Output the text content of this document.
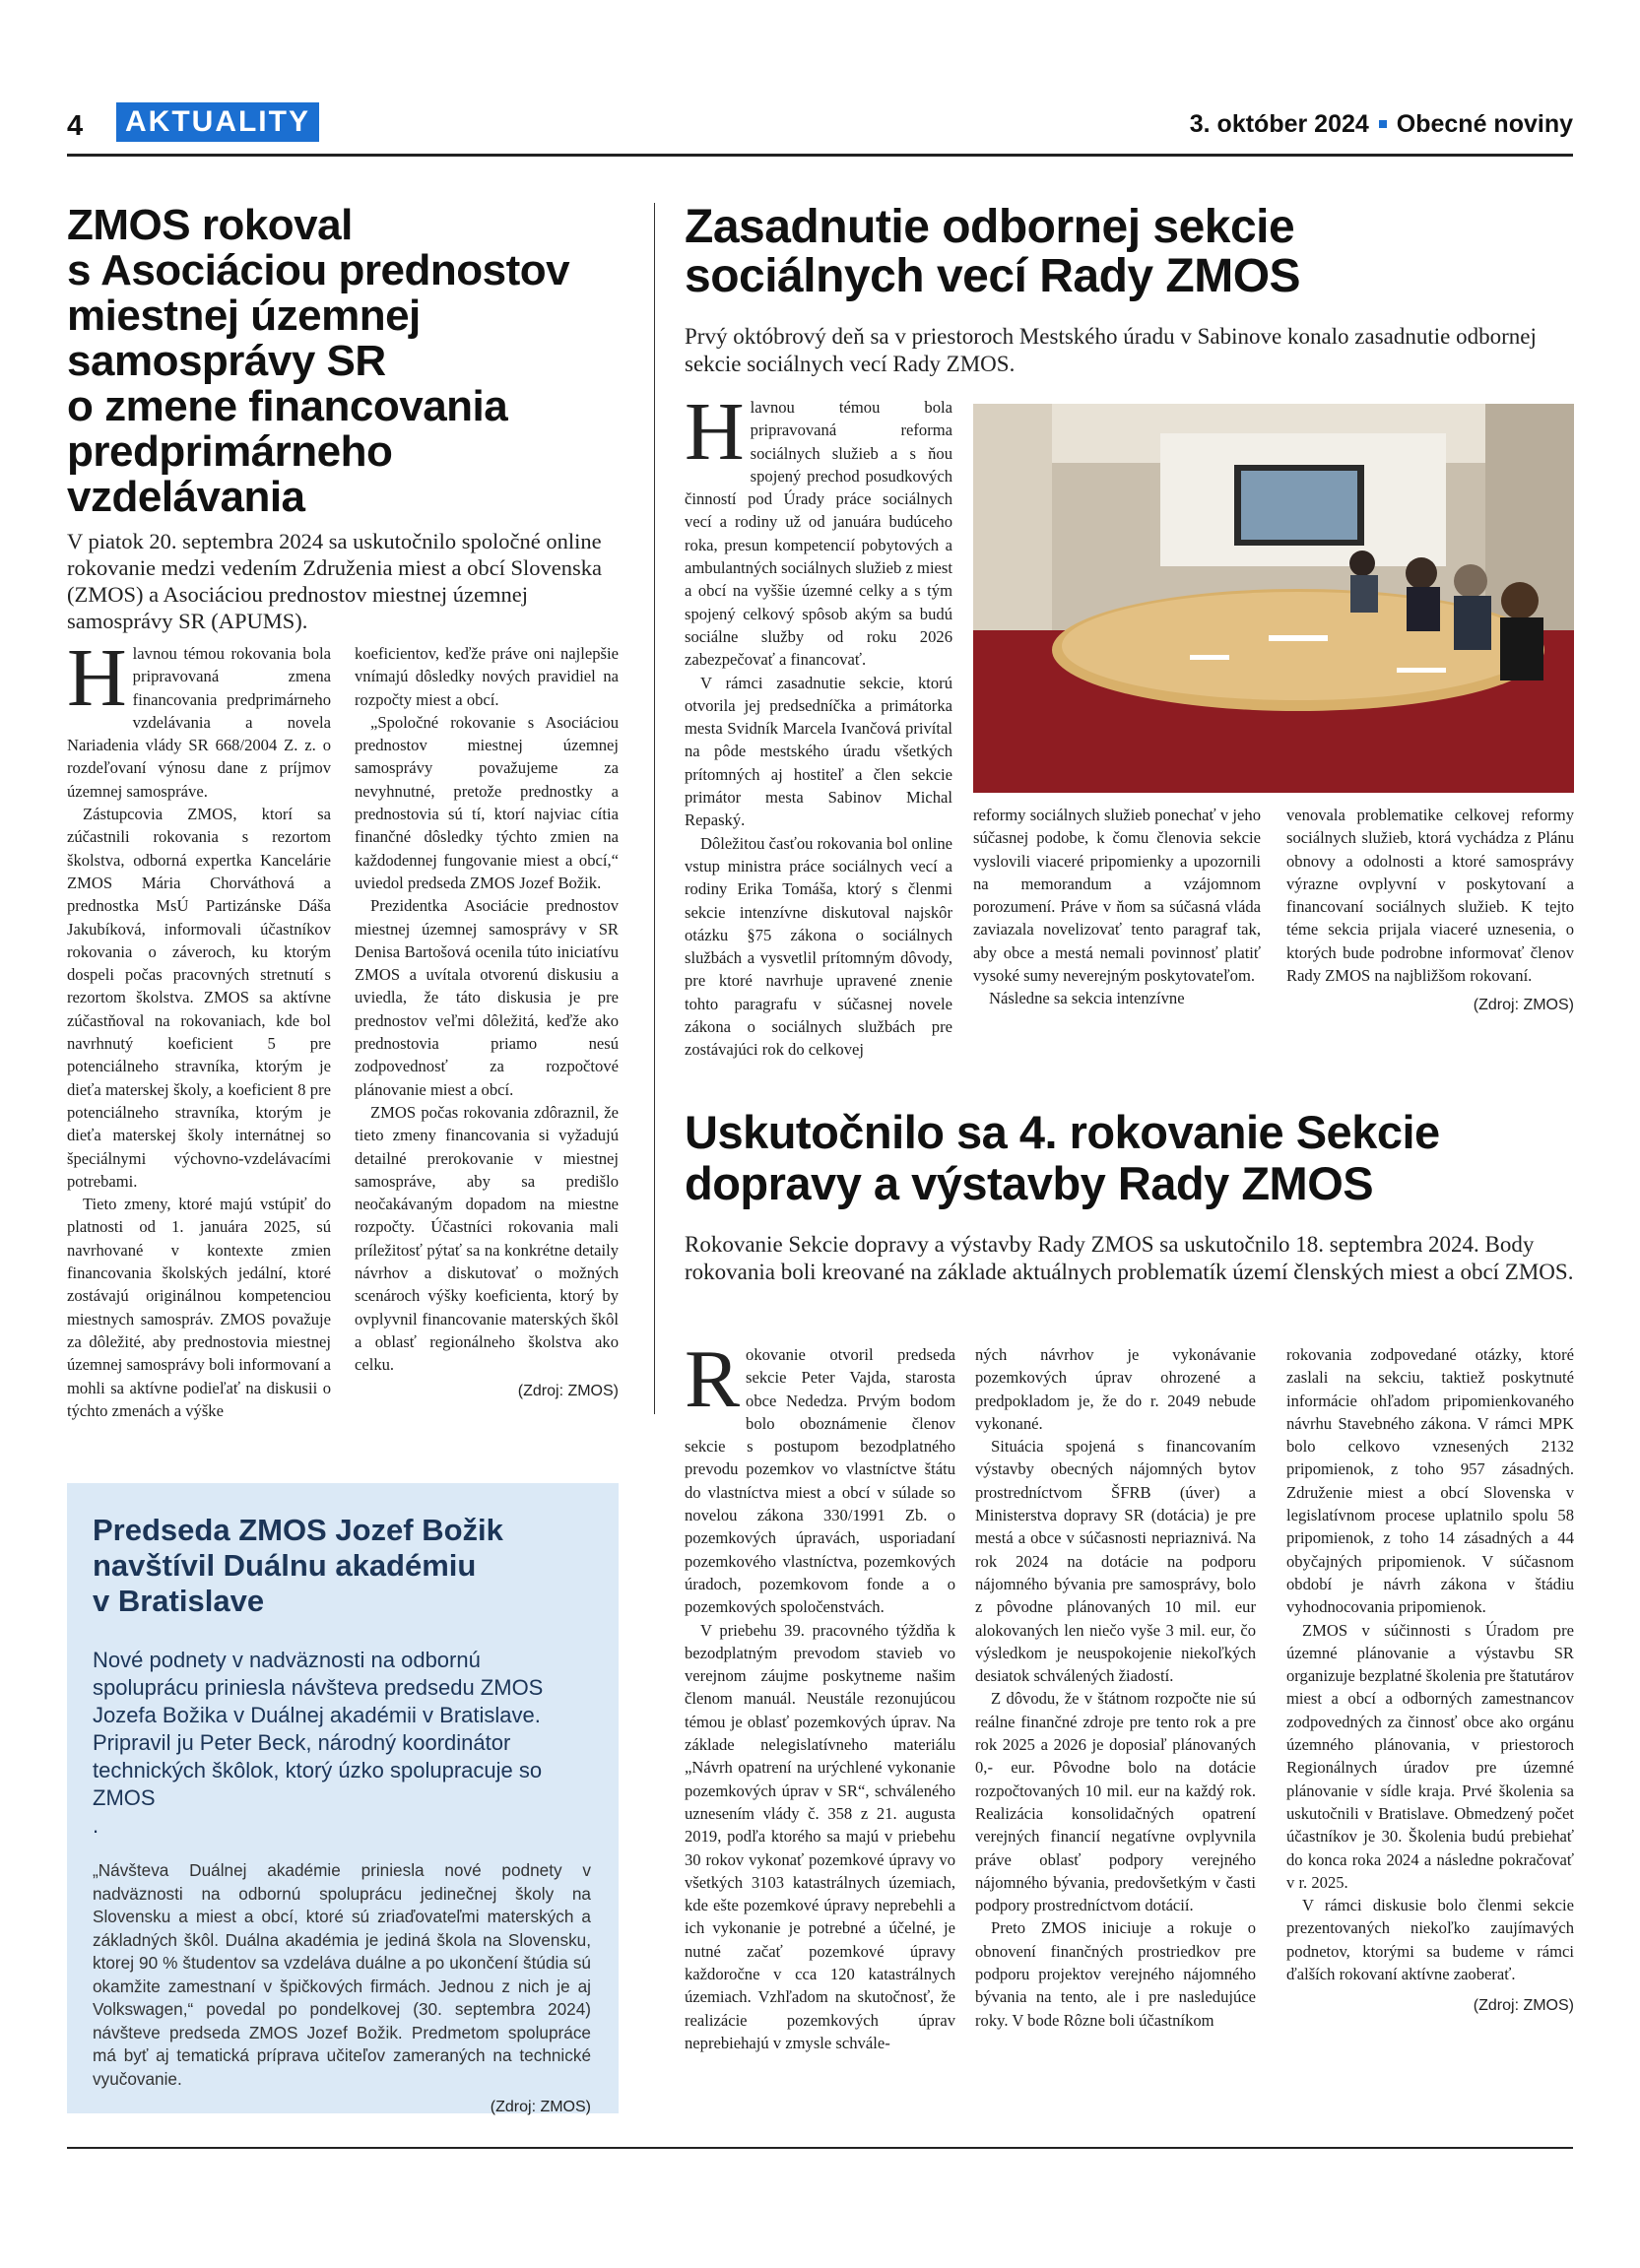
4	AKTUALITY	3. október 2024 Obecné noviny
ZMOS rokoval
s Asociáciou prednostov
miestnej územnej
samosprávy SR
o zmene financovania
predprimárneho
vzdelávania
V piatok 20. septembra 2024 sa uskutočnilo spoločné online rokovanie medzi vedením Združenia miest a obcí Slovenska (ZMOS) a Asociáciou prednostov miestnej územnej samosprávy SR (APUMS).

Hlavnou témou rokovania bola pripravovaná zmena financovania predprimárneho vzdelávania a novela Nariadenia vlády SR 668/2004 Z. z. o rozdeľovaní výnosu dane z príjmov územnej samospráve.

Zástupcovia ZMOS, ktorí sa zúčastnili rokovania s rezortom školstva, odborná expertka Kancelárie ZMOS Mária Chorváthová a prednostka MsÚ Partizánske Dáša Jakubíková, informovali účastníkov rokovania o záveroch, ku ktorým dospeli počas pracovných stretnutí s rezortom školstva. ZMOS sa aktívne zúčastňoval na rokovaniach, kde bol navrhnutý koeficient 5 pre potenciálneho stravníka, ktorým je dieťa materskej školy, a koeficient 8 pre potenciálneho stravníka, ktorým je dieťa materskej školy internátnej so špeciálnymi výchovno-vzdelávacími potrebami.

Tieto zmeny, ktoré majú vstúpiť do platnosti od 1. januára 2025, sú navrhované v kontexte zmien financovania školských jedální, ktoré zostávajú originálnou kompetenciou miestnych samospráv. ZMOS považuje za dôležité, aby prednostovia miestnej územnej samosprávy boli informovaní a mohli sa aktívne podieľať na diskusii o týchto zmenách a výške

koeficientov, keďže práve oni najlepšie vnímajú dôsledky nových pravidiel na rozpočty miest a obcí.

„Spoločné rokovanie s Asociáciou prednostov miestnej územnej samosprávy považujeme za nevyhnutné, pretože prednostky a prednostovia sú tí, ktorí najviac cítia finančné dôsledky týchto zmien na každodennej fungovanie miest a obcí,“ uviedol predseda ZMOS Jozef Božik.

Prezidentka Asociácie prednostov miestnej územnej samosprávy v SR Denisa Bartošová ocenila túto iniciatívu ZMOS a uvítala otvorenú diskusiu a uviedla, že táto diskusia je pre prednostov veľmi dôležitá, keďže ako prednostovia priamo nesú zodpovednosť za rozpočtové plánovanie miest a obcí.

ZMOS počas rokovania zdôraznil, že tieto zmeny financovania si vyžadujú detailné prerokovanie v miestnej samospráve, aby sa predišlo neočakávaným dopadom na miestne rozpočty. Účastníci rokovania mali príležitosť pýtať sa na konkrétne detaily návrhov a diskutovať o možných scenároch výšky koeficienta, ktorý by ovplyvnil financovanie materských škôl a oblasť regionálneho školstva ako celku.

(Zdroj: ZMOS)
Zasadnutie odbornej sekcie
sociálnych vecí Rady ZMOS
Prvý októbrový deň sa v priestoroch Mestského úradu v Sabinove konalo zasadnutie odbornej sekcie sociálnych vecí Rady ZMOS.

Hlavnou témou bola pripravovaná reforma sociálnych služieb a s ňou spojený prechod posudkových činností pod Úrady práce sociálnych vecí a rodiny už od januára budúceho roka, presun kompetencií pobytových a ambulantných sociálnych služieb z miest a obcí na vyššie územné celky a s tým spojený celkový spôsob akým sa budú sociálne služby od roku 2026 zabezpečovať a financovať.

V rámci zasadnutie sekcie, ktorú otvorila jej predsedníčka a primátorka mesta Svidník Marcela Ivančová privítal na pôde mestského úradu všetkých prítomných aj hostiteľ a člen sekcie primátor mesta Sabinov Michal Repaský.

Dôležitou časťou rokovania bol online vstup ministra práce sociálnych vecí a rodiny Erika Tomáša, ktorý s členmi sekcie intenzívne diskutoval najskôr otázku §75 zákona o sociálnych službách a vysvetlil prítomným dôvody, pre ktoré navrhuje upravené znenie tohto paragrafu v súčasnej novele zákona o sociálnych službách pre zostávajúci rok do celkovej

reformy sociálnych služieb ponechať v jeho súčasnej podobe, k čomu členovia sekcie vyslovili viaceré pripomienky a upozornili na memorandum a vzájomnom porozumení. Práve v ňom sa súčasná vláda zaviazala novelizovať tento paragraf tak, aby obce a mestá nemali povinnosť platiť vysoké sumy neverejným poskytovateľom.

Následne sa sekcia intenzívne

venovala problematike celkovej reformy sociálnych služieb, ktorá vychádza z Plánu obnovy a odolnosti a ktoré samosprávy výrazne ovplyvní v poskytovaní a financovaní sociálnych služieb. K tejto téme sekcia prijala viaceré uznesenia, o ktorých bude podrobne informovať členov Rady ZMOS na najbližšom rokovaní.

(Zdroj: ZMOS)
Uskutočnilo sa 4. rokovanie Sekcie
dopravy a výstavby Rady ZMOS
Rokovanie Sekcie dopravy a výstavby Rady ZMOS sa uskutočnilo 18. septembra 2024. Body rokovania boli kreované na základe aktuálnych problematík území členských miest a obcí ZMOS.

Rokovanie otvoril predseda sekcie Peter Vajda, starosta obce Nededza. Prvým bodom bolo oboznámenie členov sekcie s postupom bezodplatného prevodu pozemkov vo vlastníctve štátu do vlastníctva miest a obcí v súlade so novelou zákona 330/1991 Zb. o pozemkových úpravách, usporiadaní pozemkového vlastníctva, pozemkových úradoch, pozemkovom fonde a o pozemkových spoločenstvách.

V priebehu 39. pracovného týždňa k bezodplatným prevodom stavieb vo verejnom záujme poskytneme našim členom manuál. Neustále rezonujúcou témou je oblasť pozemkových úprav. Na základe nelegislatívneho materiálu „Návrh opatrení na urýchlené vykonanie pozemkových úprav v SR“, schváleného uznesením vlády č. 358 z 21. augusta 2019, podľa ktorého sa majú v priebehu 30 rokov vykonať pozemkové úpravy vo všetkých 3103 katastrálnych územiach, kde ešte pozemkové úpravy neprebehli a ich vykonanie je potrebné a účelné, je nutné začať pozemkové úpravy každoročne v cca 120 katastrálnych územiach. Vzhľadom na skutočnosť, že realizácie pozemkových úprav neprebiehajú v zmysle schvále-

ných návrhov je vykonávanie pozemkových úprav ohrozené a predpokladom je, že do r. 2049 nebude vykonané.

Situácia spojená s financovaním výstavby obecných nájomných bytov prostredníctvom ŠFRB (úver) a Ministerstva dopravy SR (dotácia) je pre mestá a obce v súčasnosti nepriaznivá. Na rok 2024 na dotácie na podporu nájomného bývania pre samosprávy, bolo z pôvodne plánovaných 10 mil. eur alokovaných len niečo vyše 3 mil. eur, čo výsledkom je neuspokojenie niekoľkých desiatok schválených žiadostí.

Z dôvodu, že v štátnom rozpočte nie sú reálne finančné zdroje pre tento rok a pre rok 2025 a 2026 je doposiaľ plánovaných 0,- eur. Pôvodne bolo na dotácie rozpočtovaných 10 mil. eur na každý rok. Realizácia konsolidačných opatrení verejných financií negatívne ovplyvnila práve oblasť podpory verejného nájomného bývania, predovšetkým v časti podpory prostredníctvom dotácií.

Preto ZMOS iniciuje a rokuje o obnovení finančných prostriedkov pre podporu projektov verejného nájomného bývania na tento, ale i pre nasledujúce roky. V bode Rôzne boli účastníkom

rokovania zodpovedané otázky, ktoré zaslali na sekciu, taktiež poskytnuté informácie ohľadom pripomienkovaného návrhu Stavebného zákona. V rámci MPK bolo celkovo vznesených 2132 pripomienok, z toho 957 zásadných. Združenie miest a obcí Slovenska v legislatívnom procese uplatnilo spolu 58 pripomienok, z toho 14 zásadných a 44 obyčajných pripomienok. V súčasnom období je návrh zákona v štádiu vyhodnocovania pripomienok.

ZMOS v súčinnosti s Úradom pre územné plánovanie a výstavbu SR organizuje bezplatné školenia pre štatutárov miest a obcí a odborných zamestnancov zodpovedných za činnosť obce ako orgánu územného plánovania, v priestoroch Regionálnych úradov pre územné plánovanie v sídle kraja. Prvé školenia sa uskutočnili v Bratislave. Obmedzený počet účastníkov je 30. Školenia budú prebiehať do konca roka 2024 a následne pokračovať v r. 2025.

V rámci diskusie bolo členmi sekcie prezentovaných niekoľko zaujímavých podnetov, ktorými sa budeme v rámci ďalších rokovaní aktívne zaoberať.

(Zdroj: ZMOS)
Predseda ZMOS Jozef Božik
navštívil Duálnu akadémiu
v Bratislave
Nové podnety v nadväznosti na odbornú spoluprácu priniesla návšteva predsedu ZMOS Jozefa Božika v Duálnej akadémii v Bratislave. Pripravil ju Peter Beck, národný koordinátor technických škôlok, ktorý úzko spolupracuje so ZMOS
.
„Návšteva Duálnej akadémie priniesla nové podnety v nadväznosti na odbornú spoluprácu jedinečnej školy na Slovensku a miest a obcí, ktoré sú zriaďovateľmi materských a základných škôl. Duálna akadémia je jediná škola na Slovensku, ktorej 90 % študentov sa vzdeláva duálne a po ukončení štúdia sú okamžite zamestnaní v špičkových firmách. Jednou z nich je aj Volkswagen,“ povedal po pondelkovej (30. septembra 2024) návšteve predseda ZMOS Jozef Božik. Predmetom spolupráce má byť aj tematická príprava učiteľov zameraných na technické vyučovanie.
(Zdroj: ZMOS)
